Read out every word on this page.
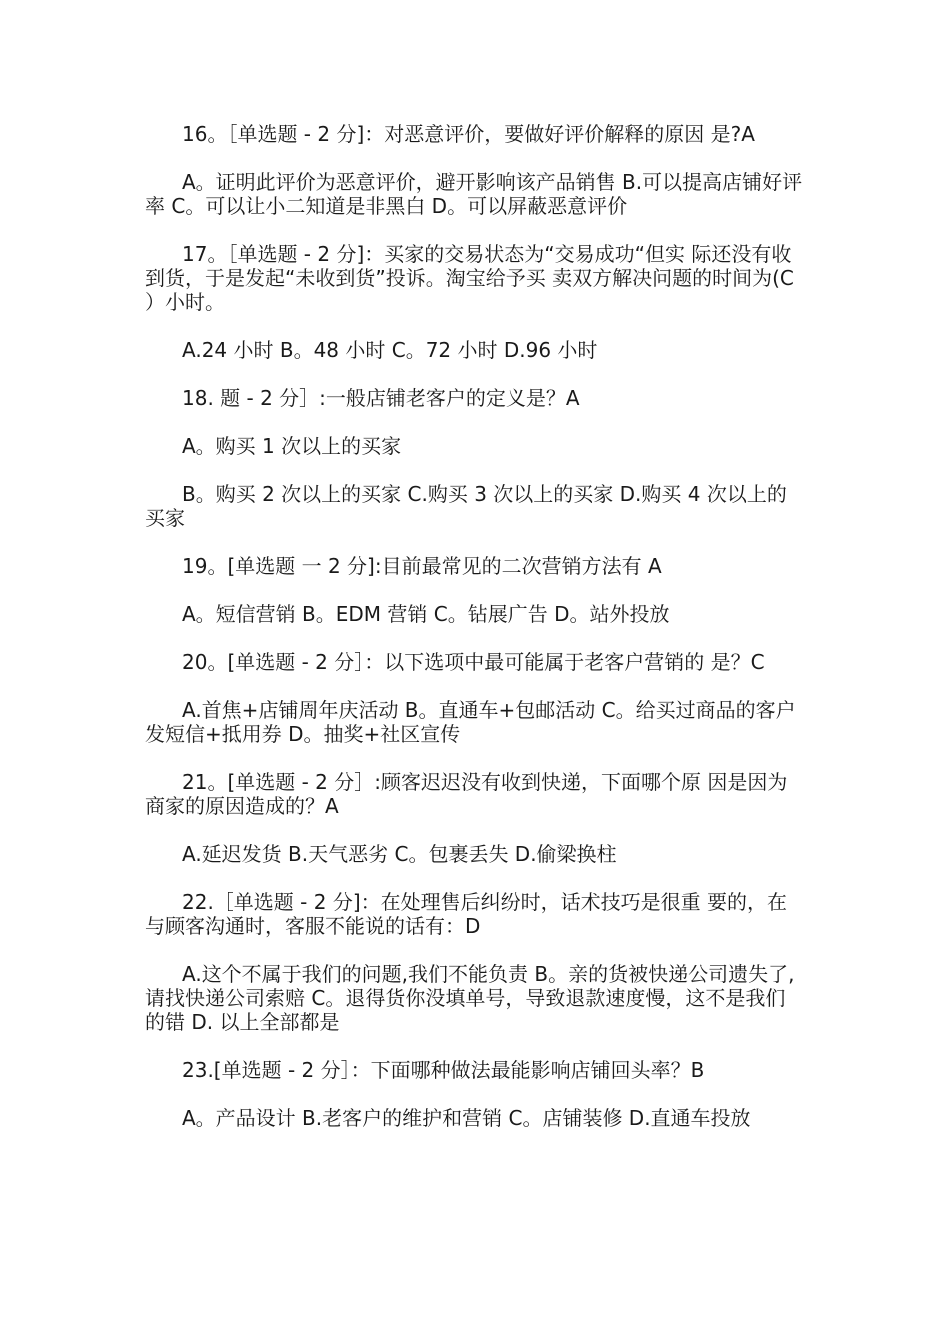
16。［单选题 - 2 分]：对恶意评价，要做好评价解释的原因 是?A

A。证明此评价为恶意评价，避开影响该产品销售 B.可以提高店铺好评率 C。可以让小二知道是非黑白 D。可以屏蔽恶意评价

17。［单选题 - 2 分]：买家的交易状态为“交易成功“但实 际还没有收到货，于是发起“未收到货”投诉。淘宝给予买 卖双方解决问题的时间为(C ）小时。

A.24 小时 B。48 小时 C。72 小时 D.96 小时

18. 题 - 2 分］:一般店铺老客户的定义是？A

A。购买 1 次以上的买家

B。购买 2 次以上的买家 C.购买 3 次以上的买家 D.购买 4 次以上的买家

19。[单选题 一 2 分]:目前最常见的二次营销方法有 A

A。短信营销 B。EDM 营销 C。钻展广告 D。站外投放

20。[单选题 - 2 分］：以下选项中最可能属于老客户营销的 是？C

A.首焦+店铺周年庆活动 B。直通车+包邮活动 C。给买过商品的客户发短信+抵用券 D。抽奖+社区宣传

21。[单选题 - 2 分］:顾客迟迟没有收到快递，下面哪个原 因是因为商家的原因造成的？A

A.延迟发货 B.天气恶劣 C。包裹丢失 D.偷梁换柱

22.［单选题 - 2 分]：在处理售后纠纷时，话术技巧是很重 要的，在与顾客沟通时，客服不能说的话有：D

A.这个不属于我们的问题,我们不能负责 B。亲的货被快递公司遗失了,请找快递公司索赔 C。退得货你没填单号，导致退款速度慢，这不是我们的错 D. 以上全部都是

23.[单选题 - 2 分］：下面哪种做法最能影响店铺回头率？B

A。产品设计 B.老客户的维护和营销 C。店铺装修 D.直通车投放
